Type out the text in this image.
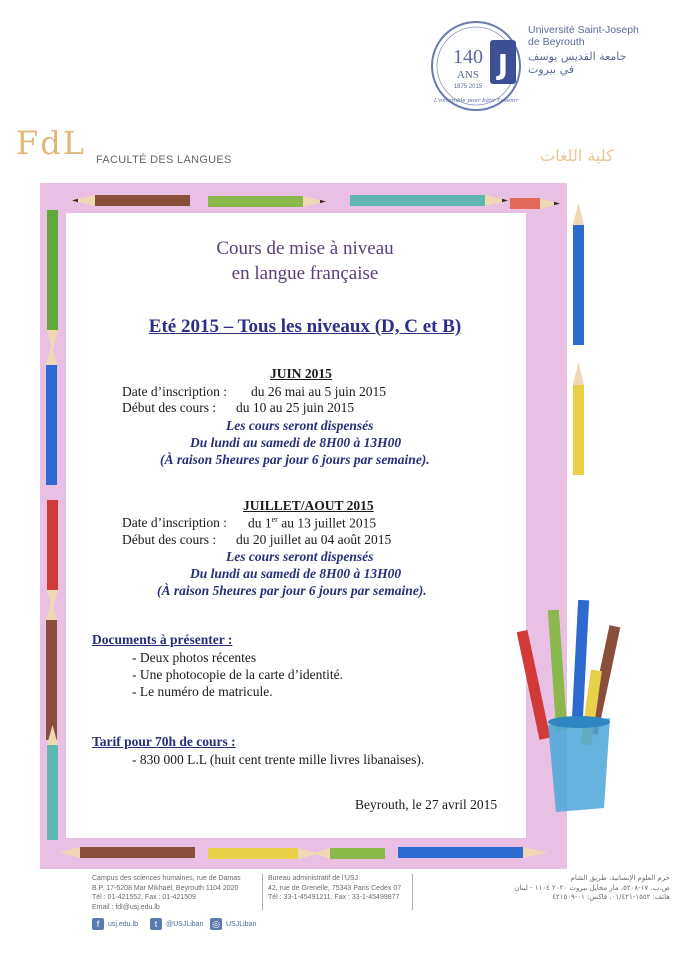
140
ANS
1875 2015
J
L'ensemble pour bâtir l'avenir
Université Saint-Joseph
de Beyrouth
جامعة القديس يوسف
في بيروت
FdL FACULTÉ DES LANGUES	كلية اللغات
Cours de mise à niveau
en langue française
Eté 2015 – Tous les niveaux (D, C et B)
JUIN 2015
Date d’inscription : du 26 mai au 5 juin 2015
Début des cours : du 10 au 25 juin 2015
Les cours seront dispensés
Du lundi au samedi de 8H00 à 13H00
(À raison 5heures par jour 6 jours par semaine).
JUILLET/AOUT 2015
Date d’inscription : du 1er au 13 juillet 2015
Début des cours : du 20 juillet au 04 août 2015
Les cours seront dispensés
Du lundi au samedi de 8H00 à 13H00
(À raison 5heures par jour 6 jours par semaine).
Documents à présenter :
- Deux photos récentes
- Une photocopie de la carte d’identité.
- Le numéro de matricule.
Tarif pour 70h de cours :
- 830 000 L.L (huit cent trente mille livres libanaises).
Beyrouth, le 27 avril 2015
Campus des sciences humaines, rue de Damas
B.P. 17-5208 Mar Mikhaël, Beyrouth 1104 2020
Tél : 01-421552, Fax : 01-421509
Email : fdl@usj.edu.lb
Bureau administratif de l'USJ
42, rue de Grenelle, 75343 Paris Cedex 07
Tél : 33-1-45491211, Fax : 33-1-45499877
حرم العلوم الإنسانية، طريق الشام
ص.ب. ١٧-٥٢٠٨، مار مخايل بيروت ٢٠٢٠ ١١٠٤ - لبنان
هاتف: ١٥٥٢-٠١/٤٢١، فاكس: ٠١-٤٢١٥٠٩
f usj.edu.lb	t @USJLiban ◎ USJLiban
